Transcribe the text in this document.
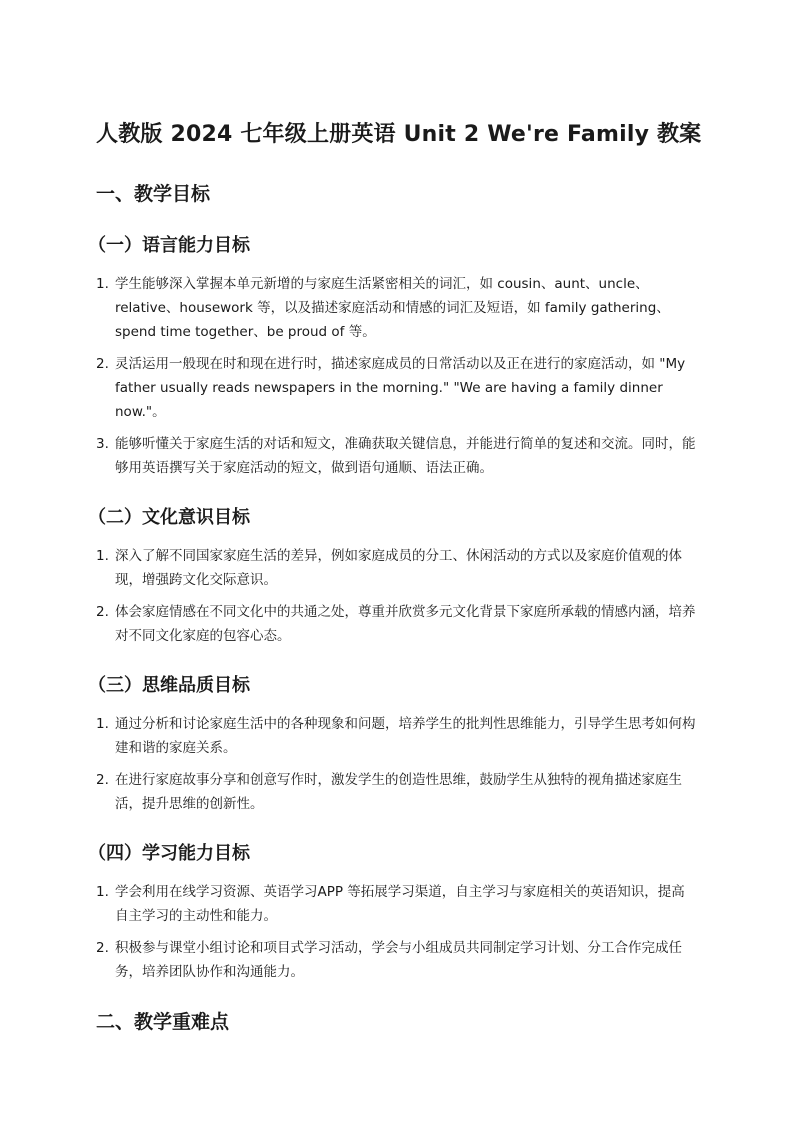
人教版 2024 七年级上册英语 Unit 2 We're Family 教案
一、教学目标
（一）语言能力目标
1. 学生能够深入掌握本单元新增的与家庭生活紧密相关的词汇，如 cousin、aunt、uncle、relative、housework 等，以及描述家庭活动和情感的词汇及短语，如 family gathering、spend time together、be proud of 等。
2. 灵活运用一般现在时和现在进行时，描述家庭成员的日常活动以及正在进行的家庭活动，如 "My father usually reads newspapers in the morning." "We are having a family dinner now."。
3. 能够听懂关于家庭生活的对话和短文，准确获取关键信息，并能进行简单的复述和交流。同时，能够用英语撰写关于家庭活动的短文，做到语句通顺、语法正确。
（二）文化意识目标
1. 深入了解不同国家家庭生活的差异，例如家庭成员的分工、休闲活动的方式以及家庭价值观的体现，增强跨文化交际意识。
2. 体会家庭情感在不同文化中的共通之处，尊重并欣赏多元文化背景下家庭所承载的情感内涵，培养对不同文化家庭的包容心态。
（三）思维品质目标
1. 通过分析和讨论家庭生活中的各种现象和问题，培养学生的批判性思维能力，引导学生思考如何构建和谐的家庭关系。
2. 在进行家庭故事分享和创意写作时，激发学生的创造性思维，鼓励学生从独特的视角描述家庭生活，提升思维的创新性。
（四）学习能力目标
1. 学会利用在线学习资源、英语学习APP 等拓展学习渠道，自主学习与家庭相关的英语知识，提高自主学习的主动性和能力。
2. 积极参与课堂小组讨论和项目式学习活动，学会与小组成员共同制定学习计划、分工合作完成任务，培养团队协作和沟通能力。
二、教学重难点
